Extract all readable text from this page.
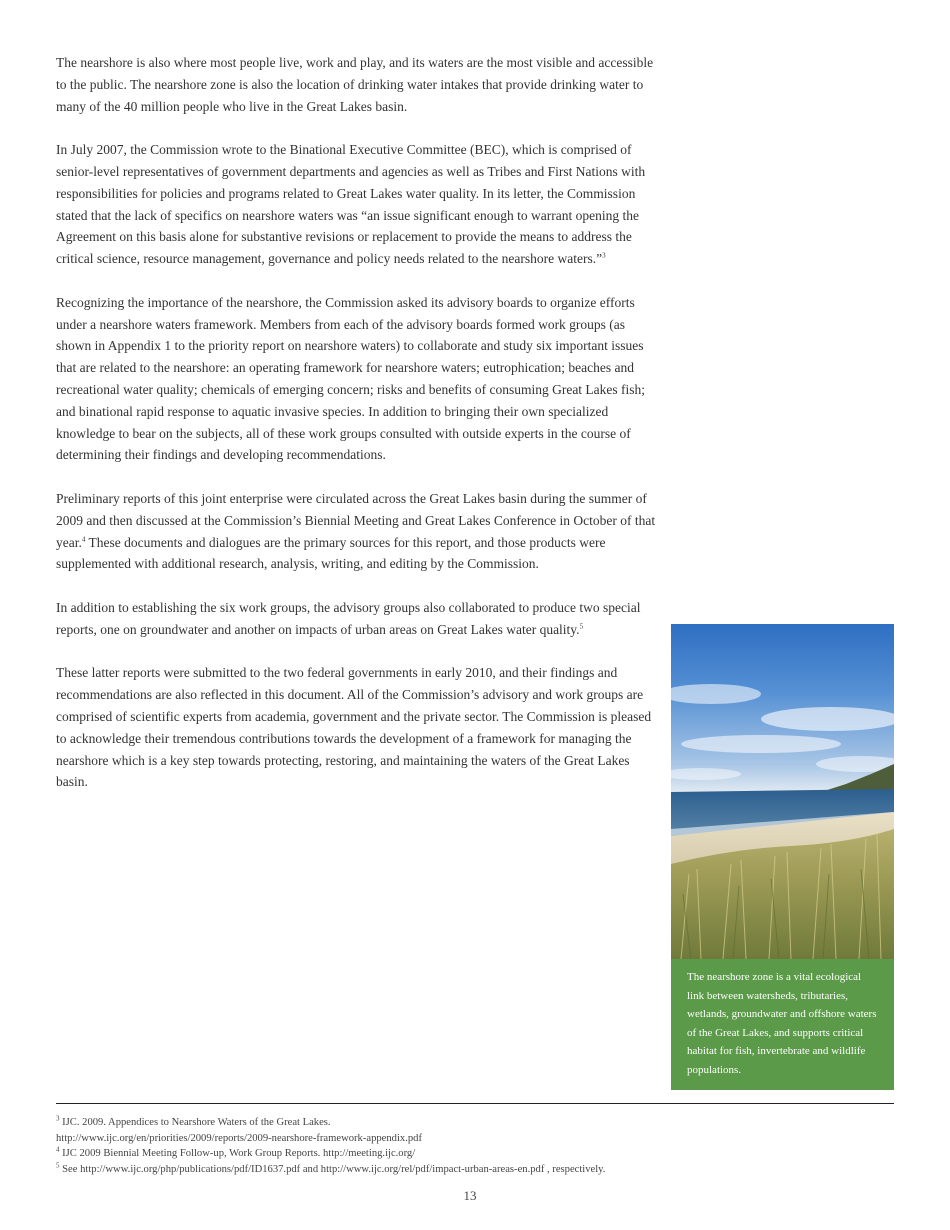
The nearshore is also where most people live, work and play, and its waters are the most visible and accessible to the public. The nearshore zone is also the location of drinking water intakes that provide drinking water to many of the 40 million people who live in the Great Lakes basin.

In July 2007, the Commission wrote to the Binational Executive Committee (BEC), which is comprised of senior-level representatives of government departments and agencies as well as Tribes and First Nations with responsibilities for policies and programs related to Great Lakes water quality. In its letter, the Commission stated that the lack of specifics on nearshore waters was “an issue significant enough to warrant opening the Agreement on this basis alone for substantive revisions or replacement to provide the means to address the critical science, resource management, governance and policy needs related to the nearshore waters.”$^3$

Recognizing the importance of the nearshore, the Commission asked its advisory boards to organize efforts under a nearshore waters framework. Members from each of the advisory boards formed work groups (as shown in Appendix 1 to the priority report on nearshore waters) to collaborate and study six important issues that are related to the nearshore: an operating framework for nearshore waters; eutrophication; beaches and recreational water quality; chemicals of emerging concern; risks and benefits of consuming Great Lakes fish; and binational rapid response to aquatic invasive species. In addition to bringing their own specialized knowledge to bear on the subjects, all of these work groups consulted with outside experts in the course of determining their findings and developing recommendations.

Preliminary reports of this joint enterprise were circulated across the Great Lakes basin during the summer of 2009 and then discussed at the Commission’s Biennial Meeting and Great Lakes Conference in October of that year.$^4$ These documents and dialogues are the primary sources for this report, and those products were supplemented with additional research, analysis, writing, and editing by the Commission.

In addition to establishing the six work groups, the advisory groups also collaborated to produce two special reports, one on groundwater and another on impacts of urban areas on Great Lakes water quality.$^5$

These latter reports were submitted to the two federal governments in early 2010, and their findings and recommendations are also reflected in this document. All of the Commission’s advisory and work groups are comprised of scientific experts from academia, government and the private sector. The Commission is pleased to acknowledge their tremendous contributions towards the development of a framework for managing the nearshore which is a key step towards protecting, restoring, and maintaining the waters of the Great Lakes basin.

The nearshore zone is a vital ecological link between watersheds, tributaries, wetlands, groundwater and offshore waters of the Great Lakes, and supports critical habitat for fish, invertebrate and wildlife populations.
$^3$ IJC. 2009. Appendices to Nearshore Waters of the Great Lakes.
http://www.ijc.org/en/priorities/2009/reports/2009-nearshore-framework-appendix.pdf
$^4$ IJC 2009 Biennial Meeting Follow-up, Work Group Reports. http://meeting.ijc.org/
$^5$ See http://www.ijc.org/php/publications/pdf/ID1637.pdf and http://www.ijc.org/rel/pdf/impact-urban-areas-en.pdf , respectively.
13
